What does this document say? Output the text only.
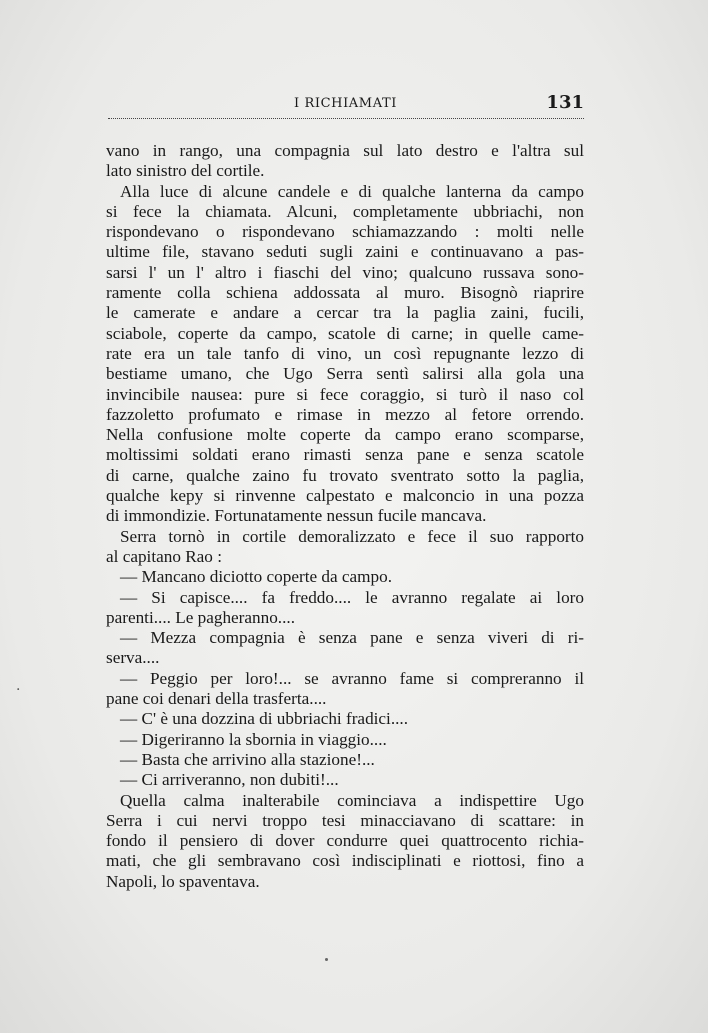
I RICHIAMATI	131
vano in rango, una compagnia sul lato destro e l'altra sul
lato sinistro del cortile.
Alla luce di alcune candele e di qualche lanterna da campo
si fece la chiamata. Alcuni, completamente ubbriachi, non
rispondevano o rispondevano schiamazzando : molti nelle
ultime file, stavano seduti sugli zaini e continuavano a pas-
sarsi l' un l' altro i fiaschi del vino; qualcuno russava sono-
ramente colla schiena addossata al muro. Bisognò riaprire
le camerate e andare a cercar tra la paglia zaini, fucili,
sciabole, coperte da campo, scatole di carne; in quelle came-
rate era un tale tanfo di vino, un così repugnante lezzo di
bestiame umano, che Ugo Serra sentì salirsi alla gola una
invincibile nausea: pure si fece coraggio, si turò il naso col
fazzoletto profumato e rimase in mezzo al fetore orrendo.
Nella confusione molte coperte da campo erano scomparse,
moltissimi soldati erano rimasti senza pane e senza scatole
di carne, qualche zaino fu trovato sventrato sotto la paglia,
qualche kepy si rinvenne calpestato e malconcio in una pozza
di immondizie. Fortunatamente nessun fucile mancava.
Serra tornò in cortile demoralizzato e fece il suo rapporto
al capitano Rao :
— Mancano diciotto coperte da campo.
— Si capisce.... fa freddo.... le avranno regalate ai loro
parenti.... Le pagheranno....
— Mezza compagnia è senza pane e senza viveri di ri-
serva....
— Peggio per loro!... se avranno fame si compreranno il
pane coi denari della trasferta....
— C' è una dozzina di ubbriachi fradici....
— Digeriranno la sbornia in viaggio....
— Basta che arrivino alla stazione!...
— Ci arriveranno, non dubiti!...
Quella calma inalterabile cominciava a indispettire Ugo
Serra i cui nervi troppo tesi minacciavano di scattare: in
fondo il pensiero di dover condurre quei quattrocento richia-
mati, che gli sembravano così indisciplinati e riottosi, fino a
Napoli, lo spaventava.
·
